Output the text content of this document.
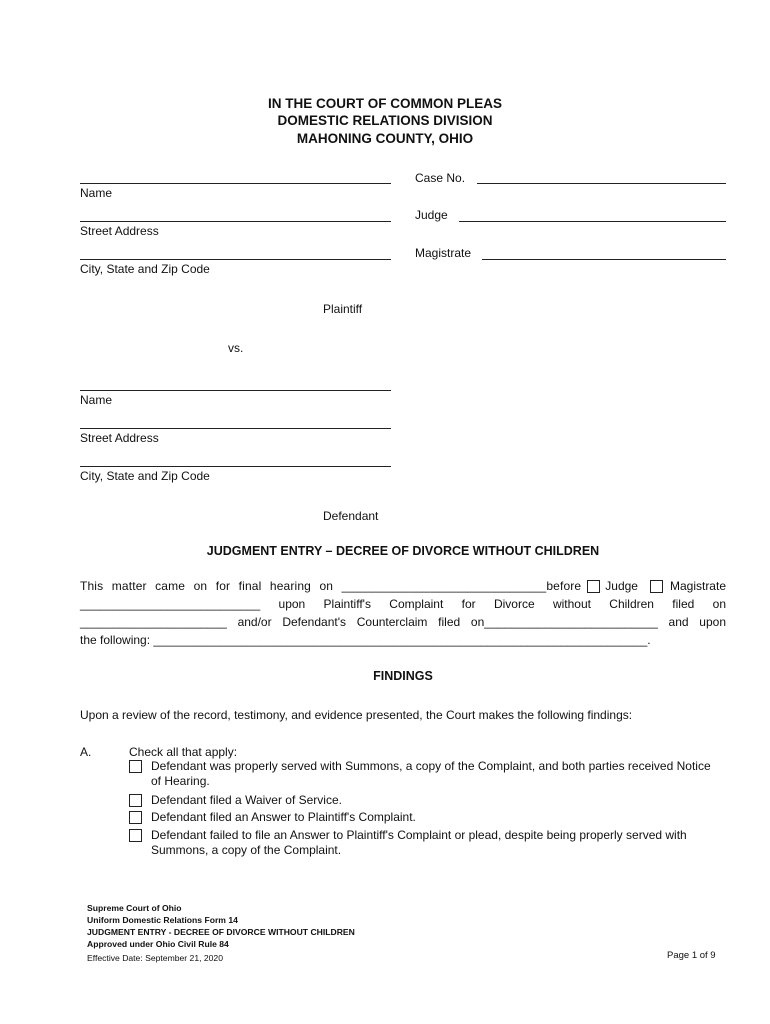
IN THE COURT OF COMMON PLEAS
DOMESTIC RELATIONS DIVISION
MAHONING COUNTY, OHIO
Name
Street Address
City, State and Zip Code
Plaintiff
Case No.
Judge
Magistrate
vs.
Name
Street Address
City, State and Zip Code
Defendant
JUDGMENT ENTRY – DECREE OF DIVORCE WITHOUT CHILDREN
This matter came on for final hearing on ______________________________before Judge	Magistrate
___________________________ upon Plaintiff's Complaint for Divorce without Children filed on
______________________ and/or Defendant's Counterclaim filed on__________________________ and upon
the following: __________________________________________________________________________.
FINDINGS
Upon a review of the record, testimony, and evidence presented, the Court makes the following findings:
A.	Check all that apply:
Defendant was properly served with Summons, a copy of the Complaint, and both parties received Notice of Hearing.
Defendant filed a Waiver of Service.
Defendant filed an Answer to Plaintiff's Complaint.
Defendant failed to file an Answer to Plaintiff's Complaint or plead, despite being properly served with Summons, a copy of the Complaint.
Supreme Court of Ohio
Uniform Domestic Relations Form 14
JUDGMENT ENTRY - DECREE OF DIVORCE WITHOUT CHILDREN
Approved under Ohio Civil Rule 84
Effective Date: September 21, 2020	Page 1 of 9
